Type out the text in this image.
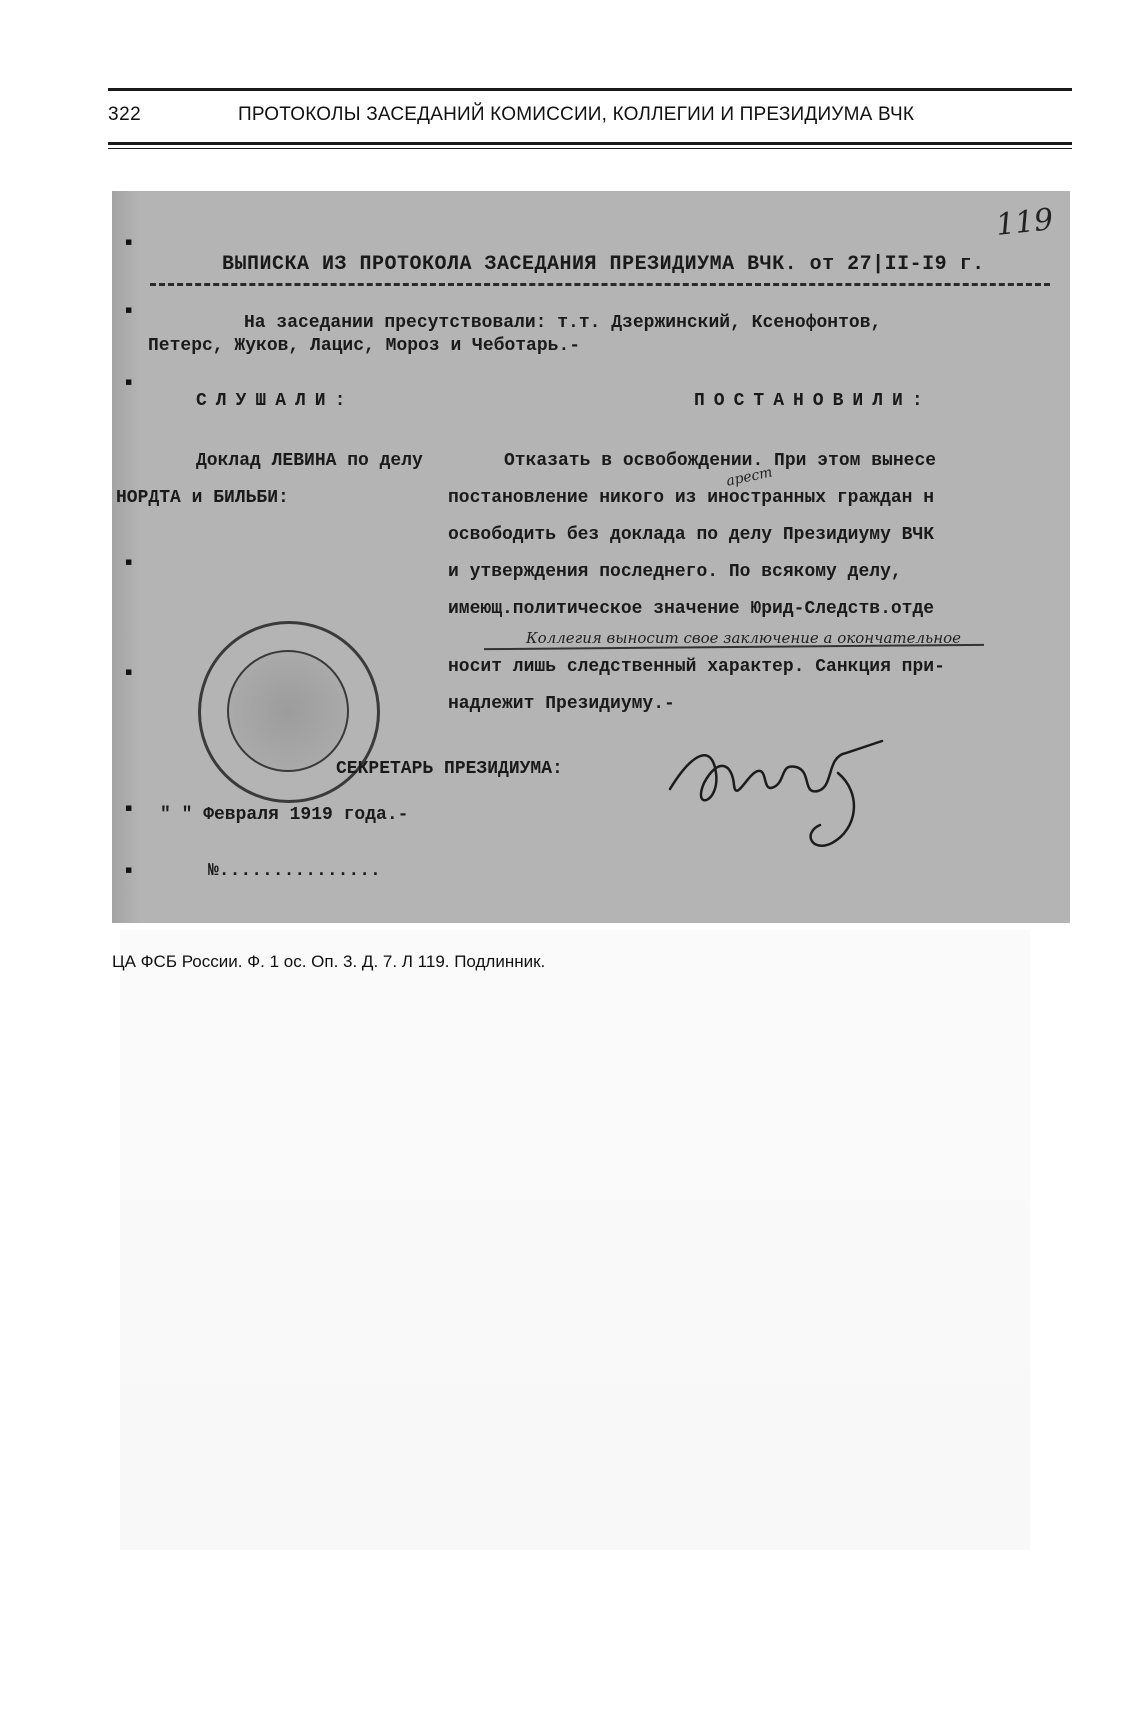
322	ПРОТОКОЛЫ ЗАСЕДАНИЙ КОМИССИИ, КОЛЛЕГИИ И ПРЕЗИДИУМА ВЧК
▪
▪
▪
▪
▪
▪
▪
119
ВЫПИСКА ИЗ ПРОТОКОЛА ЗАСЕДАНИЯ ПРЕЗИДИУМА ВЧК. от 27|II-I9 г.
На заседании пресутствовали: т.т. Дзержинский, Ксенофонтов,
Петерс, Жуков, Лацис, Мороз и Чеботарь.-
СЛУШАЛИ:	ПОСТАНОВИЛИ:
Доклад ЛЕВИНА по делу
НОРДТА и БИЛЬБИ:
Отказать в освобождении. При этом вынесе
постановление никого из иностранных граждан н
освободить без доклада по делу Президиуму ВЧК
и утверждения последнего. По всякому делу,
имеющ.политическое значение Юрид-Следств.отде
носит лишь следственный характер. Санкция при-
надлежит Президиуму.-
арест
Коллегия выносит свое заключение а окончательное
СЕКРЕТАРЬ ПРЕЗИДИУМА:
" " Февраля 1919 года.-
№...............
ЦА ФСБ России. Ф. 1 ос. Оп. 3. Д. 7. Л 119. Подлинник.
